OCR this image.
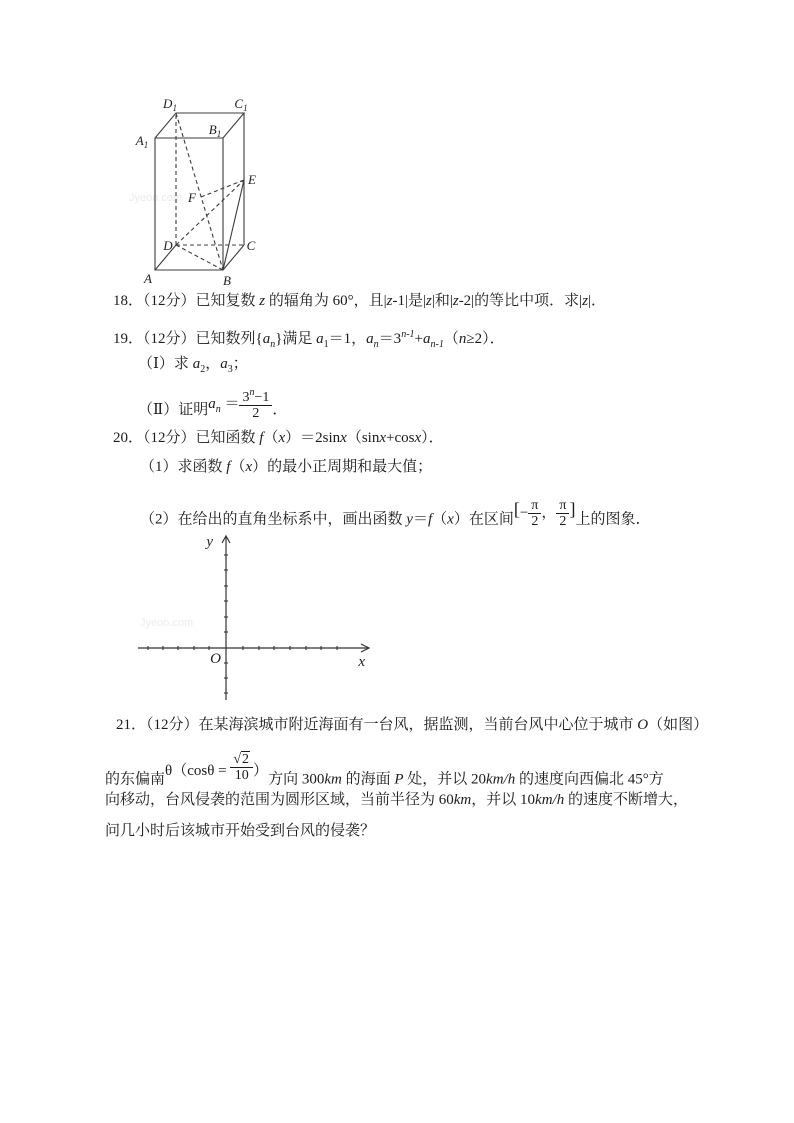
Jyeoo.com
$D_1$	$C_1$
$A_1$
$B_1$
E
F
D	C
A	B
18．（12分）已知复数 z 的辐角为 60°，且|z-1|是|z|和|z-2|的等比中项．求|z|．
19．（12分）已知数列$\{a_n\}$满足 $a_1=1$，$a_n=3^{n-1}+a_{n-1}(n\ge 2)$．
（Ⅰ）求 $a_2$，$a_3$；
（Ⅱ）证明$a_n = \frac{3^n-1}{2}$ ．
20．（12分）已知函数 f（x）＝2sinx（sinx+cosx）．
（1）求函数 f（x）的最小正周期和最大值；
（2）在给出的直角坐标系中，画出函数 y＝f（x）在区间[− $\frac{\pi}{2}$ ， $\frac{\pi}{2}$ ]上的图象．
Jyeoo.com
y
x
O
21．（12分）在某海滨城市附近海面有一台风，据监测，当前台风中心位于城市 O（如图）
的东偏南$\theta(\cos\theta = \frac{√2}{10}$ ）方向 300km 的海面 P 处，并以 20km/h 的速度向西偏北 45°方
向移动，台风侵袭的范围为圆形区域，当前半径为 60km，并以 10km/h 的速度不断增大，
问几小时后该城市开始受到台风的侵袭？
